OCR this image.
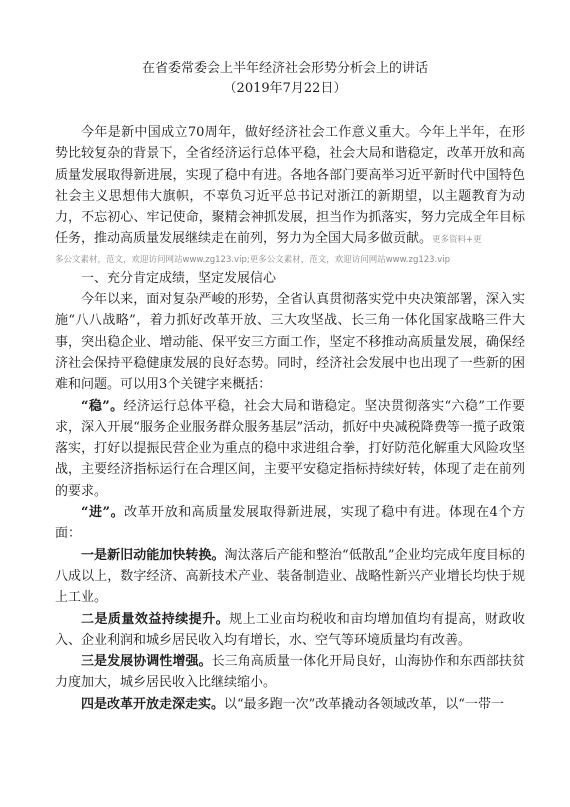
在省委常委会上半年经济社会形势分析会上的讲话
（2019年7月22日）

今年是新中国成立70周年，做好经济社会工作意义重大。今年上半年，在形势比较复杂的背景下，全省经济运行总体平稳，社会大局和谐稳定，改革开放和高质量发展取得新进展，实现了稳中有进。各地各部门要高举习近平新时代中国特色社会主义思想伟大旗帜，不辜负习近平总书记对浙江的新期望，以主题教育为动力，不忘初心、牢记使命，聚精会神抓发展，担当作为抓落实，努力完成全年目标任务，推动高质量发展继续走在前列，努力为全国大局多做贡献。更多资料+更

多公文素材，范文，欢迎访问网站www.zg123.vip;更多公文素材，范文，欢迎访问网站www.zg123.vip

一、充分肯定成绩，坚定发展信心

今年以来，面对复杂严峻的形势，全省认真贯彻落实党中央决策部署，深入实施“八八战略”，着力抓好改革开放、三大攻坚战、长三角一体化国家战略三件大事，突出稳企业、增动能、保平安三方面工作，坚定不移推动高质量发展，确保经济社会保持平稳健康发展的良好态势。同时，经济社会发展中也出现了一些新的困难和问题。可以用3个关键字来概括：

“稳”。经济运行总体平稳，社会大局和谐稳定。坚决贯彻落实“六稳”工作要求，深入开展“服务企业服务群众服务基层”活动，抓好中央减税降费等一揽子政策落实，打好以提振民营企业为重点的稳中求进组合拳，打好防范化解重大风险攻坚战，主要经济指标运行在合理区间，主要平安稳定指标持续好转，体现了走在前列的要求。

“进”。改革开放和高质量发展取得新进展，实现了稳中有进。体现在4个方面：

一是新旧动能加快转换。淘汰落后产能和整治“低散乱”企业均完成年度目标的八成以上，数字经济、高新技术产业、装备制造业、战略性新兴产业增长均快于规上工业。

二是质量效益持续提升。规上工业亩均税收和亩均增加值均有提高，财政收入、企业利润和城乡居民收入均有增长，水、空气等环境质量均有改善。

三是发展协调性增强。长三角高质量一体化开局良好，山海协作和东西部扶贫力度加大，城乡居民收入比继续缩小。

四是改革开放走深走实。以“最多跑一次”改革撬动各领域改革，以“一带一
